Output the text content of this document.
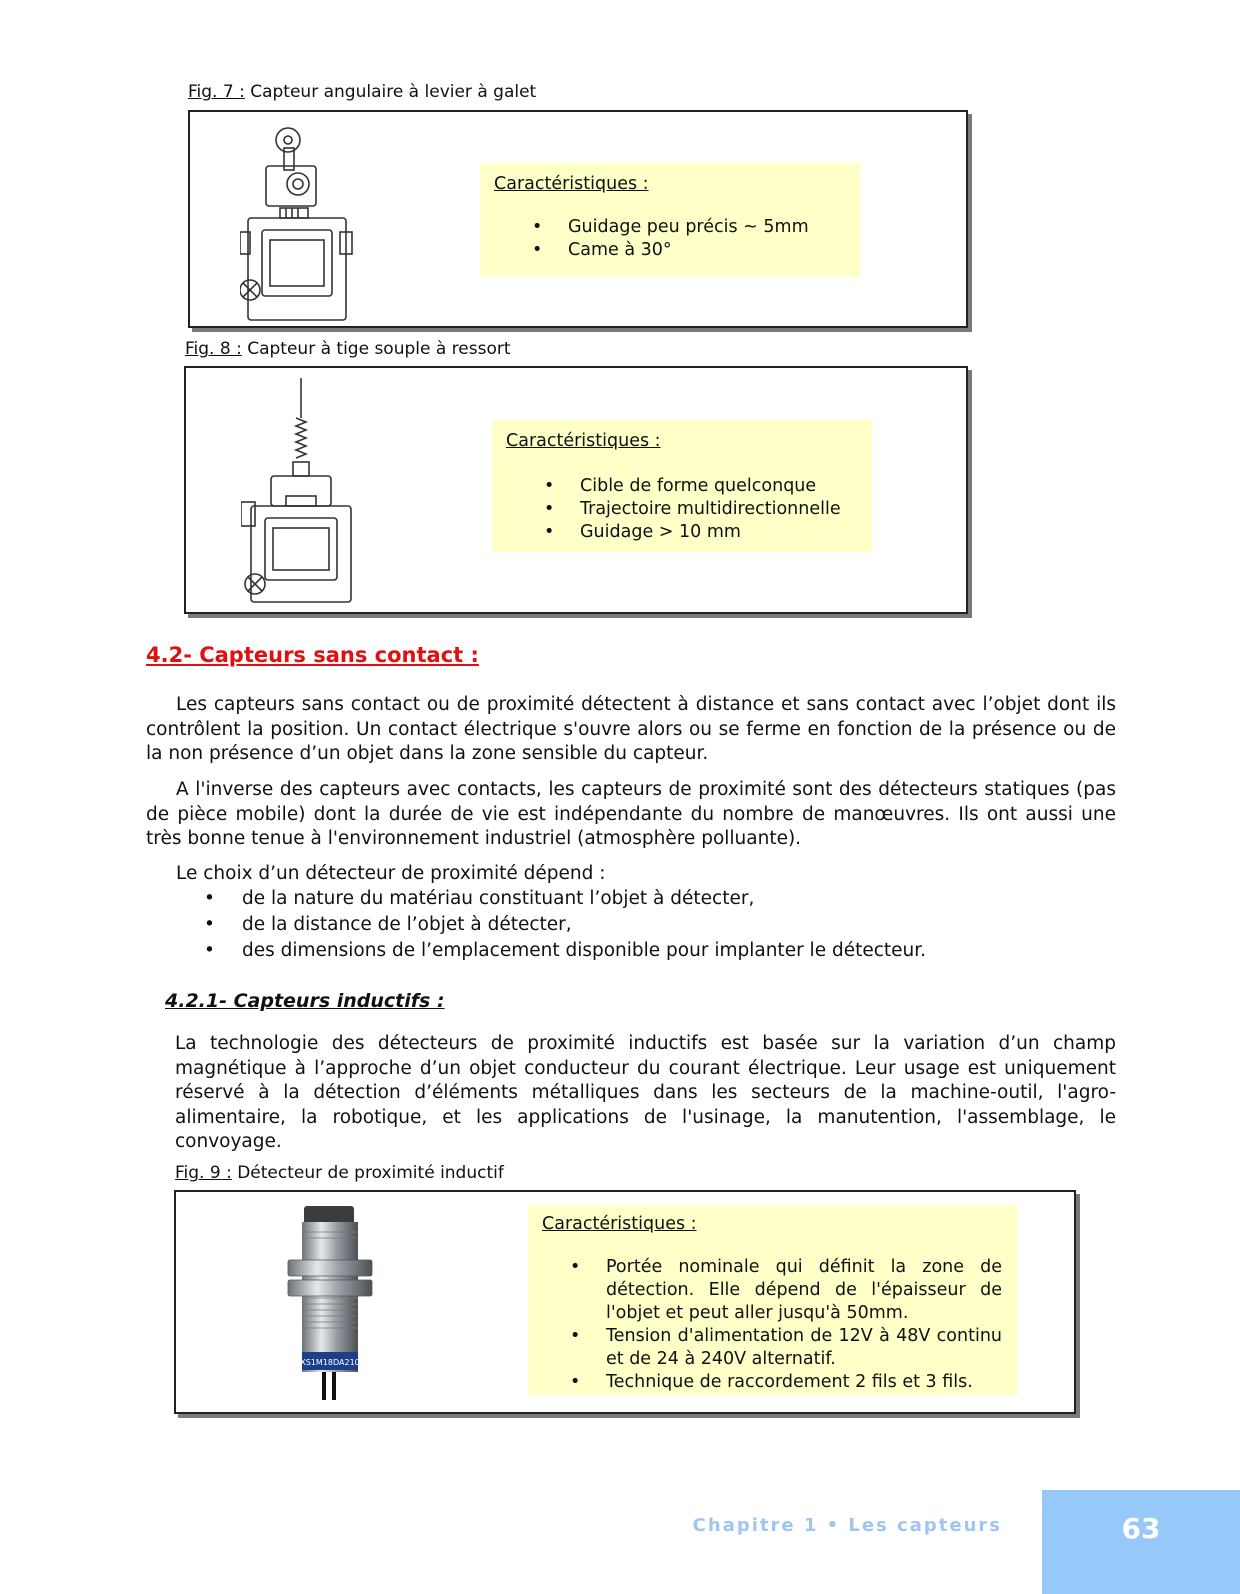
Fig. 7 : Capteur angulaire à levier à galet
Caractéristiques :
• Guidage peu précis ~ 5mm
• Came à 30°
Fig. 8 : Capteur à tige souple à ressort
Caractéristiques :
• Cible de forme quelconque
• Trajectoire multidirectionnelle
• Guidage > 10 mm
4.2- Capteurs sans contact :

Les capteurs sans contact ou de proximité détectent à distance et sans contact avec l’objet dont ils contrôlent la position. Un contact électrique s'ouvre alors ou se ferme en fonction de la présence ou de la non présence d’un objet dans la zone sensible du capteur.

A l'inverse des capteurs avec contacts, les capteurs de proximité sont des détecteurs statiques (pas de pièce mobile) dont la durée de vie est indépendante du nombre de manœuvres. Ils ont aussi une très bonne tenue à l'environnement industriel (atmosphère polluante).

Le choix d’un détecteur de proximité dépend :

• de la nature du matériau constituant l’objet à détecter,
• de la distance de l’objet à détecter,
• des dimensions de l’emplacement disponible pour implanter le détecteur.
4.2.1- Capteurs inductifs :

La technologie des détecteurs de proximité inductifs est basée sur la variation d’un champ magnétique à l’approche d’un objet conducteur du courant électrique. Leur usage est uniquement réservé à la détection d’éléments métalliques dans les secteurs de la machine-outil, l'agro-alimentaire, la robotique, et les applications de l'usinage, la manutention, l'assemblage, le convoyage.

Fig. 9 : Détecteur de proximité inductif
XS1M18DA210
Caractéristiques :
• Portée nominale qui définit la zone de détection. Elle dépend de l'épaisseur de l'objet et peut aller jusqu'à 50mm.
• Tension d'alimentation de 12V à 48V continu et de 24 à 240V alternatif.
• Technique de raccordement 2 fils et 3 fils.
Chapitre 1 • Les capteurs	63
